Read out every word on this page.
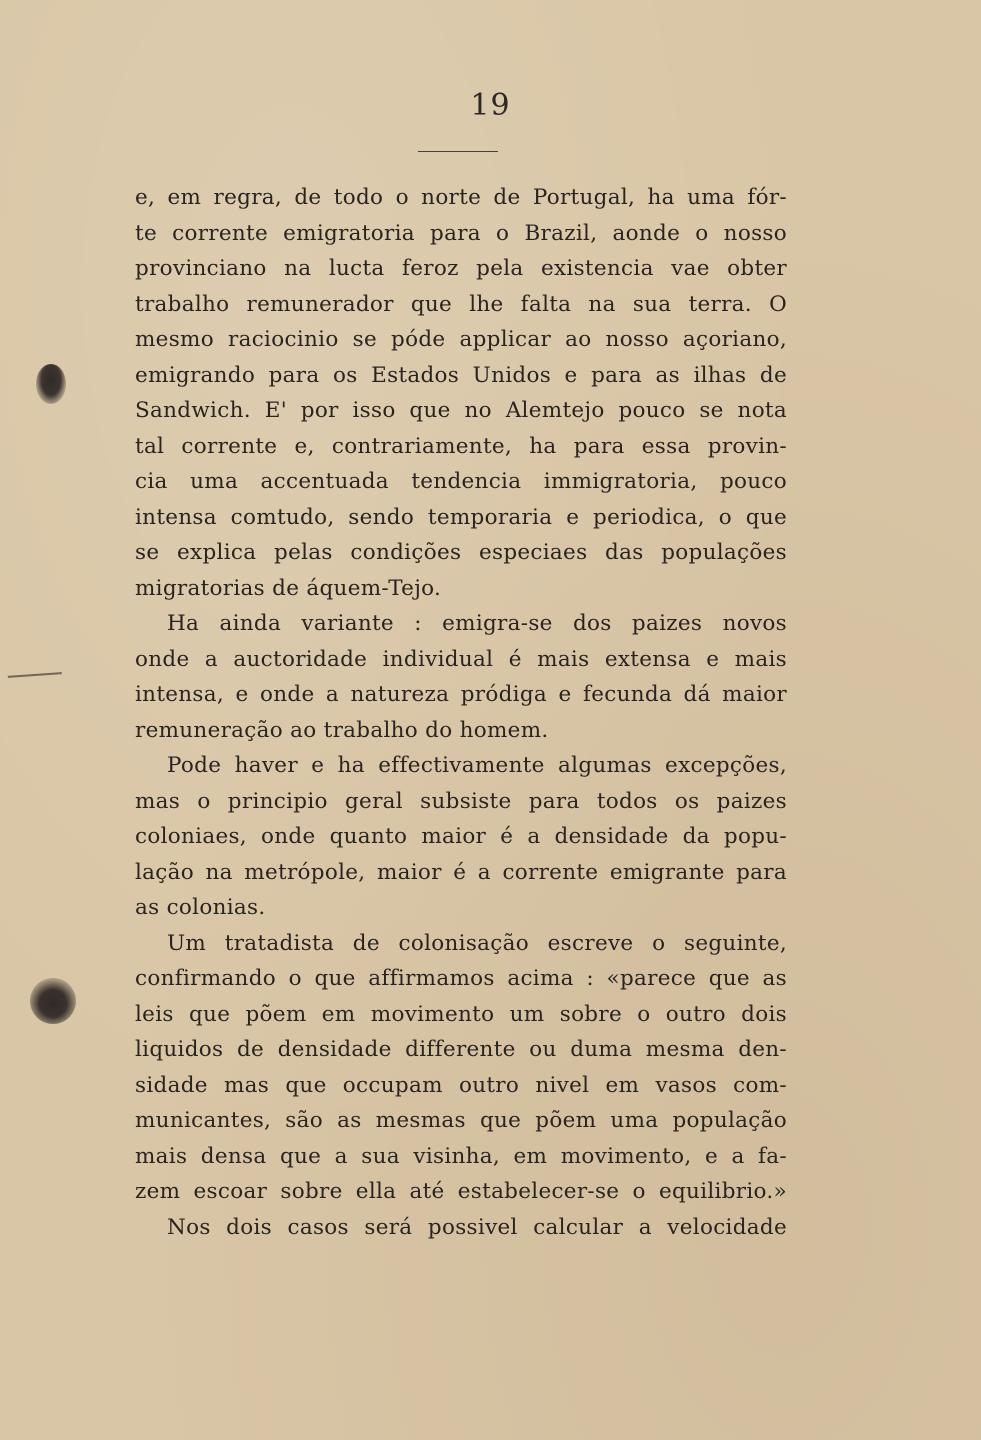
19
e, em regra, de todo o norte de Portugal, ha uma fór-
te corrente emigratoria para o Brazil, aonde o nosso
provinciano na lucta feroz pela existencia vae obter
trabalho remunerador que lhe falta na sua terra. O
mesmo raciocinio se póde applicar ao nosso açoriano,
emigrando para os Estados Unidos e para as ilhas de
Sandwich. E' por isso que no Alemtejo pouco se nota
tal corrente e, contrariamente, ha para essa provin-
cia uma accentuada tendencia immigratoria, pouco
intensa comtudo, sendo temporaria e periodica, o que
se explica pelas condições especiaes das populações
migratorias de áquem-Tejo.
Ha ainda variante : emigra-se dos paizes novos
onde a auctoridade individual é mais extensa e mais
intensa, e onde a natureza pródiga e fecunda dá maior
remuneração ao trabalho do homem.
Pode haver e ha effectivamente algumas excepções,
mas o principio geral subsiste para todos os paizes
coloniaes, onde quanto maior é a densidade da popu-
lação na metrópole, maior é a corrente emigrante para
as colonias.
Um tratadista de colonisação escreve o seguinte,
confirmando o que affirmamos acima : «parece que as
leis que põem em movimento um sobre o outro dois
liquidos de densidade differente ou duma mesma den-
sidade mas que occupam outro nivel em vasos com-
municantes, são as mesmas que põem uma população
mais densa que a sua visinha, em movimento, e a fa-
zem escoar sobre ella até estabelecer-se o equilibrio.»
Nos dois casos será possivel calcular a velocidade
